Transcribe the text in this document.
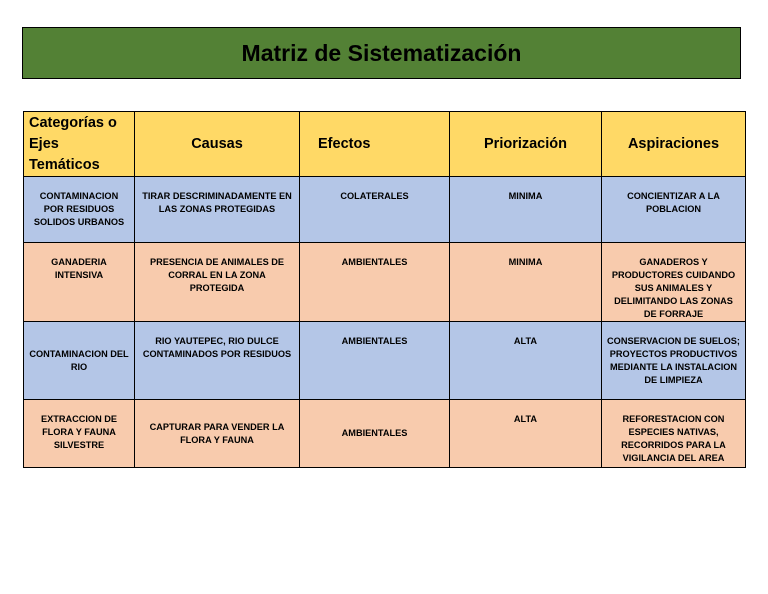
Matriz de Sistematización
Categorías o Ejes Temáticos	Causas	Efectos	Priorización	Aspiraciones
CONTAMINACION POR RESIDUOS SOLIDOS URBANOS	TIRAR DESCRIMINADAMENTE EN LAS ZONAS PROTEGIDAS	COLATERALES	MINIMA	CONCIENTIZAR A LA POBLACION
GANADERIA INTENSIVA	PRESENCIA DE ANIMALES DE CORRAL EN LA ZONA PROTEGIDA	AMBIENTALES	MINIMA	GANADEROS Y PRODUCTORES CUIDANDO SUS ANIMALES Y DELIMITANDO LAS ZONAS DE FORRAJE
CONTAMINACION DEL RIO	RIO YAUTEPEC, RIO DULCE CONTAMINADOS POR RESIDUOS	AMBIENTALES	ALTA	CONSERVACION DE SUELOS; PROYECTOS PRODUCTIVOS MEDIANTE LA INSTALACION DE LIMPIEZA
EXTRACCION DE FLORA Y FAUNA SILVESTRE	CAPTURAR PARA VENDER LA FLORA Y FAUNA	AMBIENTALES	ALTA	REFORESTACION CON ESPECIES NATIVAS, RECORRIDOS PARA LA VIGILANCIA DEL AREA
